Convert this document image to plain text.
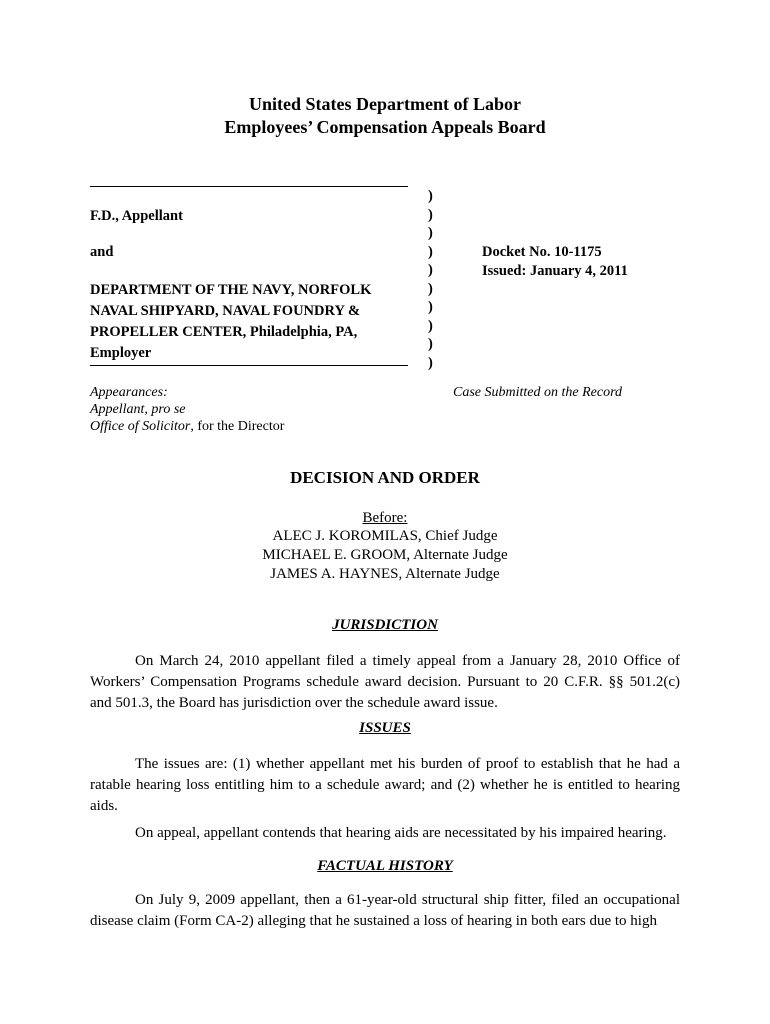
United States Department of Labor
Employees’ Compensation Appeals Board
F.D., Appellant
and
DEPARTMENT OF THE NAVY, NORFOLK
NAVAL SHIPYARD, NAVAL FOUNDRY &
PROPELLER CENTER, Philadelphia, PA,
Employer
)
)
)
)
)
)
)
)
)
)
Docket No. 10-1175
Issued: January 4, 2011
Appearances:
Appellant, pro se
Office of Solicitor, for the Director
Case Submitted on the Record
DECISION AND ORDER
Before:
ALEC J. KOROMILAS, Chief Judge
MICHAEL E. GROOM, Alternate Judge
JAMES A. HAYNES, Alternate Judge
JURISDICTION
On March 24, 2010 appellant filed a timely appeal from a January 28, 2010 Office of Workers’ Compensation Programs schedule award decision. Pursuant to 20 C.F.R. §§ 501.2(c) and 501.3, the Board has jurisdiction over the schedule award issue.
ISSUES
The issues are: (1) whether appellant met his burden of proof to establish that he had a ratable hearing loss entitling him to a schedule award; and (2) whether he is entitled to hearing aids.
On appeal, appellant contends that hearing aids are necessitated by his impaired hearing.
FACTUAL HISTORY
On July 9, 2009 appellant, then a 61-year-old structural ship fitter, filed an occupational disease claim (Form CA-2) alleging that he sustained a loss of hearing in both ears due to high
